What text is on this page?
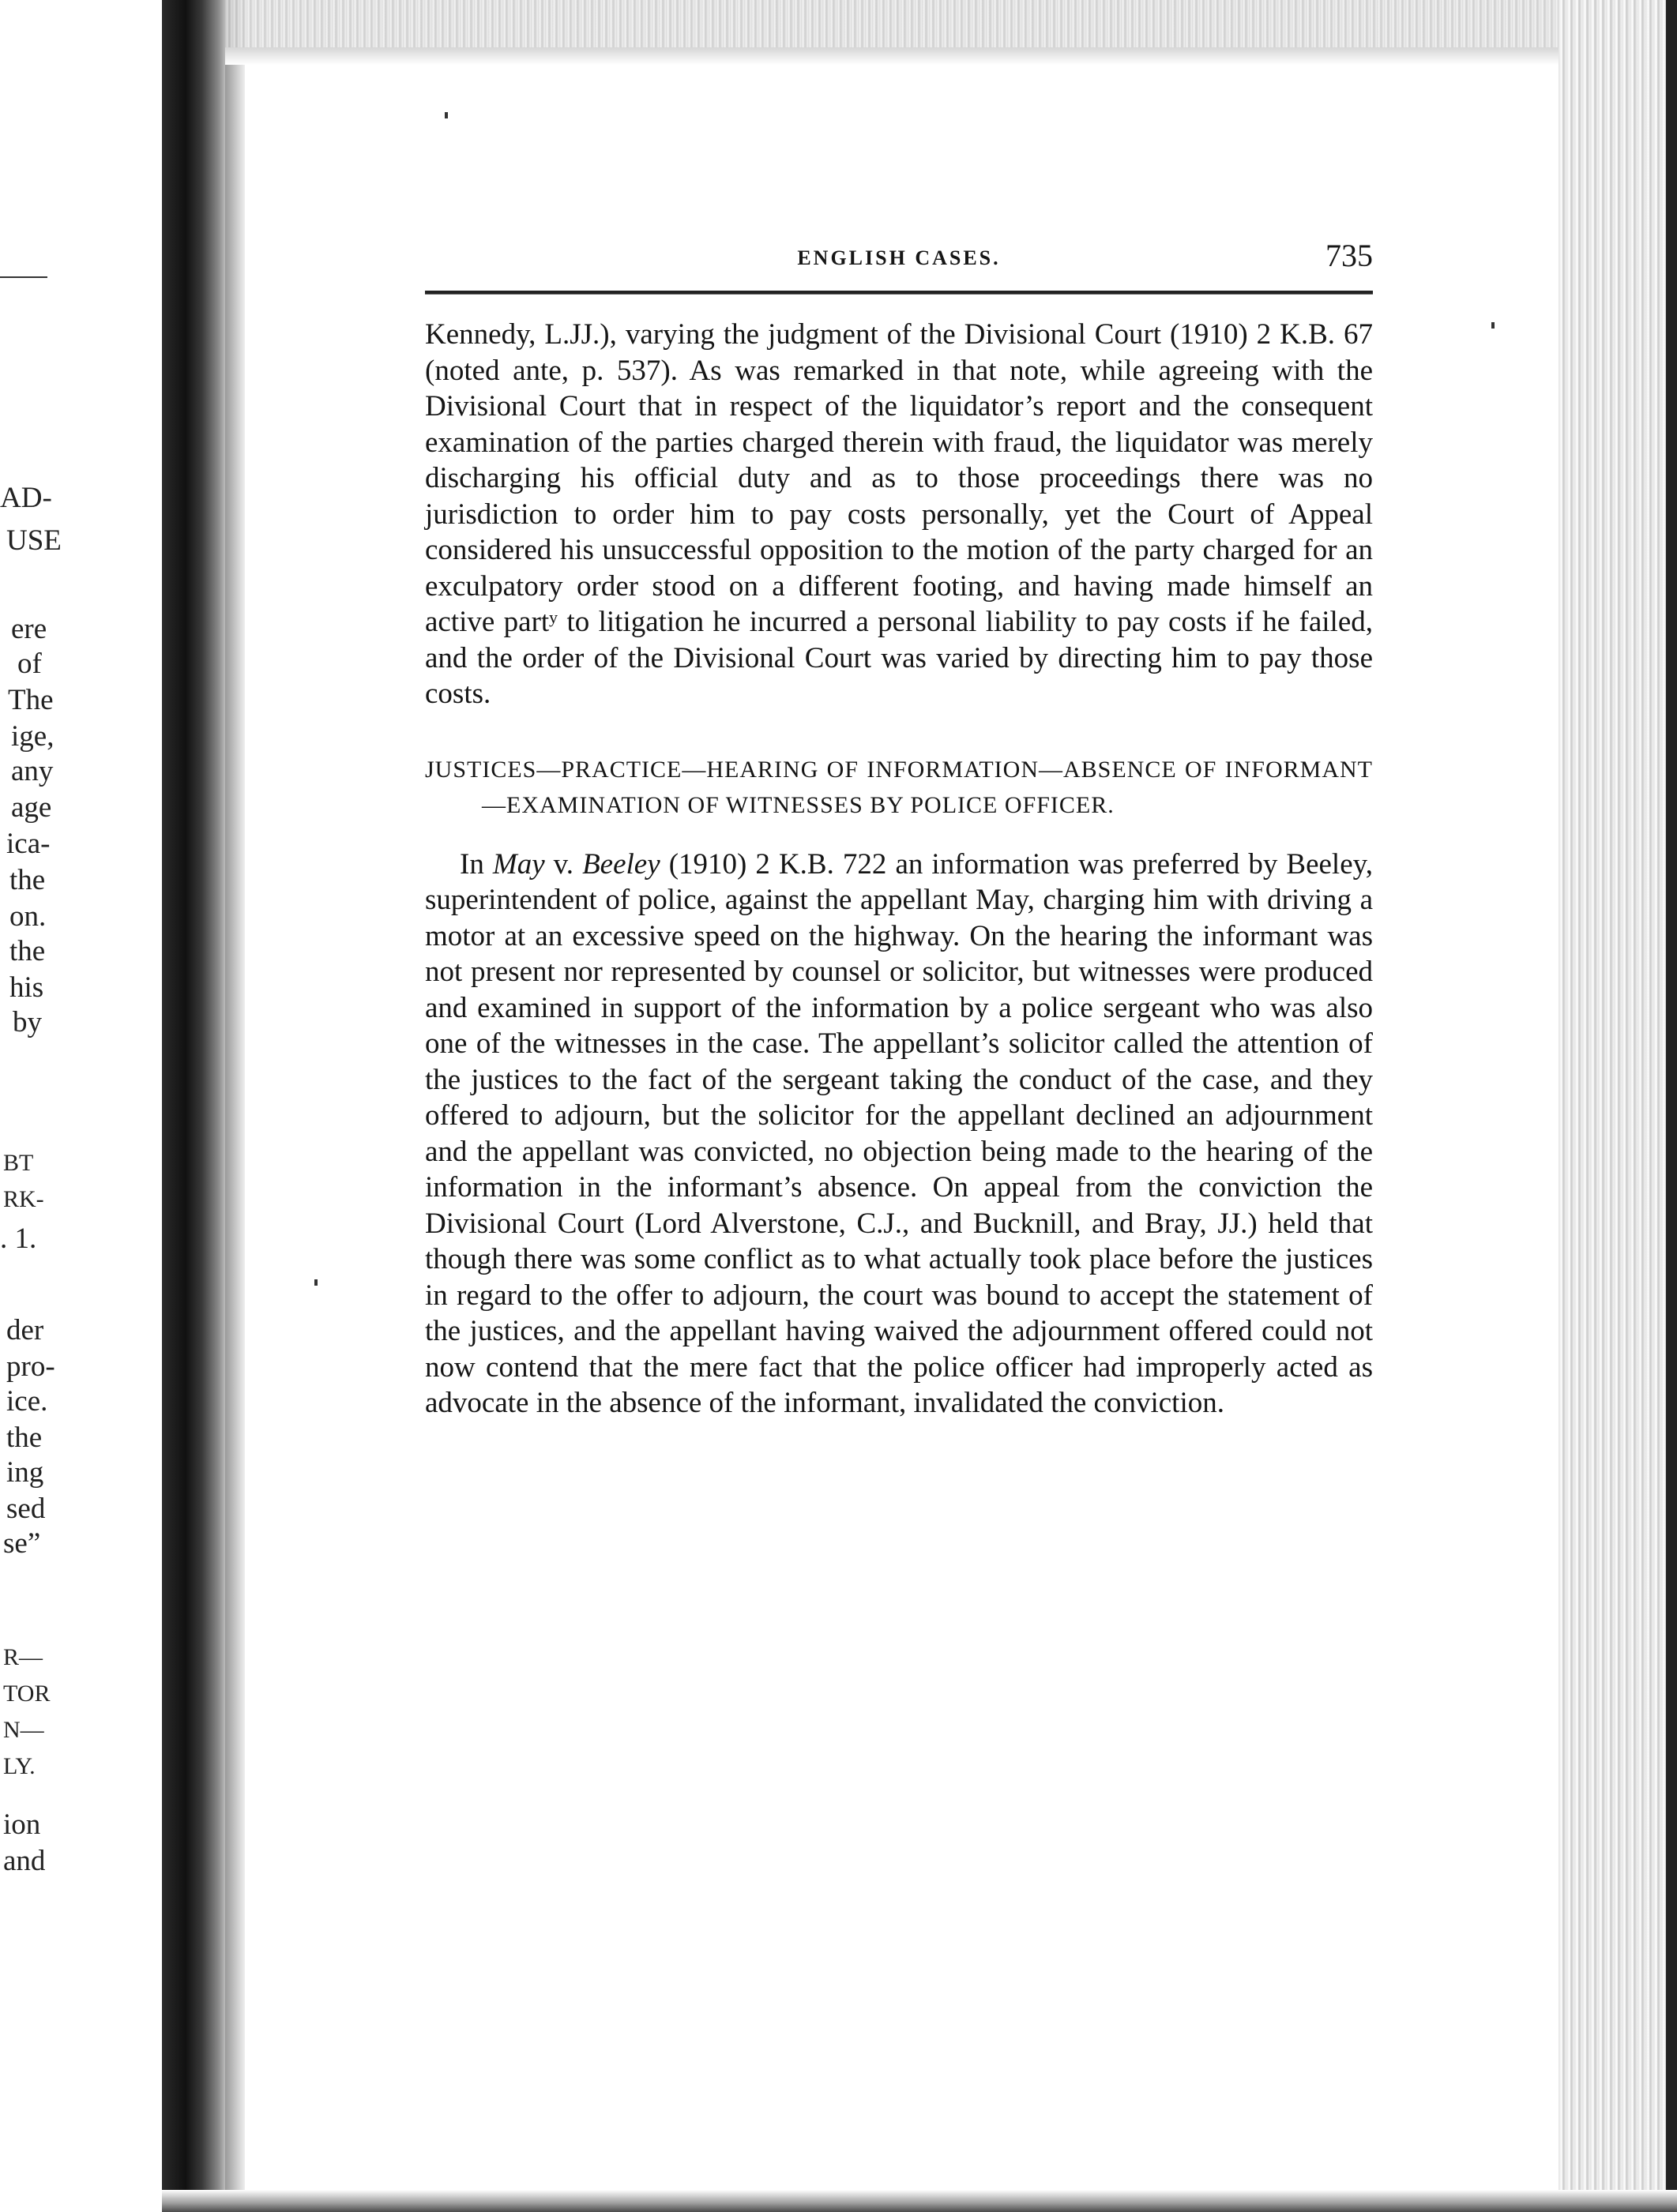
AD-
USE
ere
of
The
ige,
any
age
ica-
the
on.
the
his
by
BT
RK-
. 1.
der
pro-
ice.
the
ing
sed
se”
R—
TOR
N—
LY.
ion
and
ENGLISH CASES.	735

Kennedy, L.JJ.), varying the judgment of the Divisional Court (1910) 2 K.B. 67 (noted ante, p. 537). As was remarked in that note, while agreeing with the Divisional Court that in respect of the liquidator’s report and the consequent examination of the parties charged therein with fraud, the liquidator was merely discharging his official duty and as to those proceedings there was no jurisdiction to order him to pay costs personally, yet the Court of Appeal considered his unsuccessful opposition to the motion of the party charged for an exculpatory order stood on a different footing, and having made himself an active partʸ to litigation he incurred a personal liability to pay costs if he failed, and the order of the Divisional Court was varied by directing him to pay those costs.

JUSTICES—PRACTICE—HEARING OF INFORMATION—ABSENCE OF INFORMANT—EXAMINATION OF WITNESSES BY POLICE OFFICER.

In May v. Beeley (1910) 2 K.B. 722 an information was preferred by Beeley, superintendent of police, against the appellant May, charging him with driving a motor at an excessive speed on the highway. On the hearing the informant was not present nor represented by counsel or solicitor, but witnesses were produced and examined in support of the information by a police sergeant who was also one of the witnesses in the case. The appellant’s solicitor called the attention of the justices to the fact of the sergeant taking the conduct of the case, and they offered to adjourn, but the solicitor for the appellant declined an adjournment and the appellant was convicted, no objection being made to the hearing of the information in the informant’s absence. On appeal from the conviction the Divisional Court (Lord Alverstone, C.J., and Bucknill, and Bray, JJ.) held that though there was some conflict as to what actually took place before the justices in regard to the offer to adjourn, the court was bound to accept the statement of the justices, and the appellant having waived the adjournment offered could not now contend that the mere fact that the police officer had improperly acted as advocate in the absence of the informant, invalidated the conviction.
